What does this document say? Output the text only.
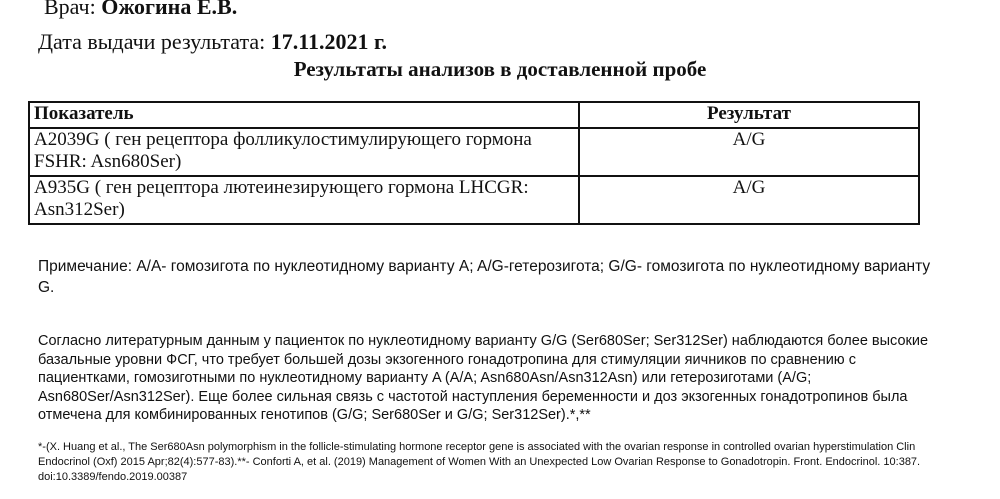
Врач: Ожогина Е.В.
Дата выдачи результата: 17.11.2021 г.
Результаты анализов в доставленной пробе
Показатель	Результат
A2039G ( ген рецептора фолликулостимулирующего гормона FSHR: Asn680Ser)	A/G
A935G ( ген рецептора лютеинезирующего гормона LHCGR: Asn312Ser)	A/G
Примечание: A/A- гомозигота по нуклеотидному варианту A; A/G-гетерозигота; G/G- гомозигота по нуклеотидному варианту G.
Согласно литературным данным у пациенток по нуклеотидному варианту G/G (Ser680Ser; Ser312Ser) наблюдаются более высокие базальные уровни ФСГ, что требует большей дозы экзогенного гонадотропина для стимуляции яичников по сравнению с пациентками, гомозиготными по нуклеотидному варианту A (A/A; Asn680Asn/Asn312Asn) или гетерозиготами (A/G; Asn680Ser/Asn312Ser). Еще более сильная связь с частотой наступления беременности и доз экзогенных гонадотропинов была отмечена для комбинированных генотипов (G/G; Ser680Ser и G/G; Ser312Ser).*,**
*-(X. Huang et al., The Ser680Asn polymorphism in the follicle-stimulating hormone receptor gene is associated with the ovarian response in controlled ovarian hyperstimulation Clin Endocrinol (Oxf) 2015 Apr;82(4):577-83).**- Conforti A, et al. (2019) Management of Women With an Unexpected Low Ovarian Response to Gonadotropin. Front. Endocrinol. 10:387. doi:10.3389/fendo.2019.00387
